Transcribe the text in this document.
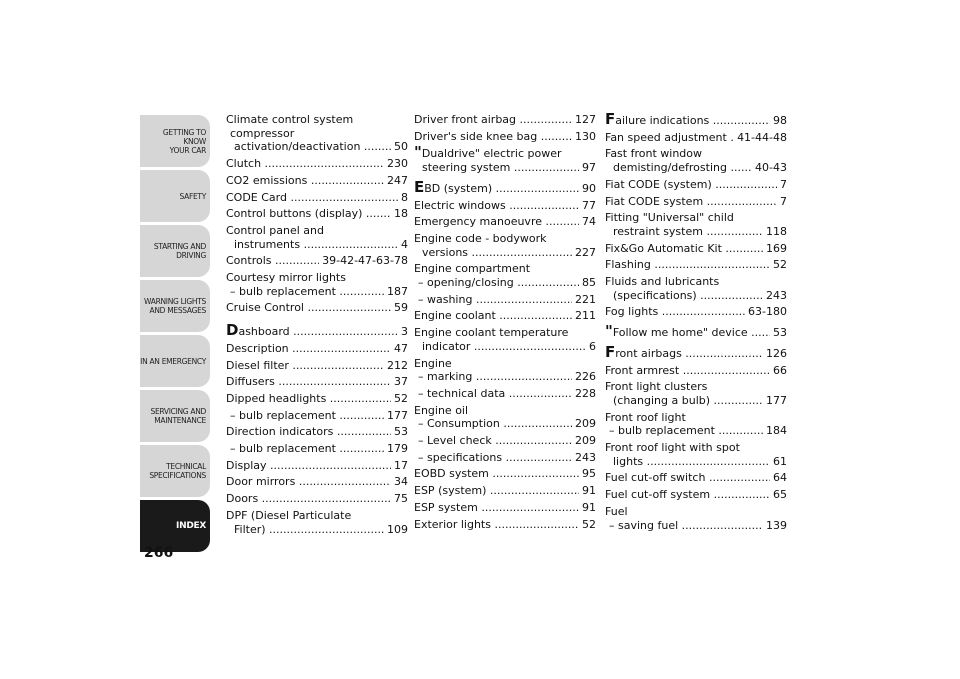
GETTING TO KNOW
YOUR CAR
SAFETY
STARTING AND
DRIVING
WARNING LIGHTS
AND MESSAGES
IN AN EMERGENCY
SERVICING AND
MAINTENANCE
TECHNICAL
SPECIFICATIONS
INDEX
266
Climate control system
compressor
activation/deactivation .....	50
Clutch .....	230
CO2 emissions .....	247
CODE Card .....	8
Control buttons (display) .....	18
Control panel and
instruments .....	4
Controls .....	39-42-47-63-78
Courtesy mirror lights
– bulb replacement .....	187
Cruise Control .....	59
Dashboard .....	3
Description .....	47
Diesel filter .....	212
Diffusers .....	37
Dipped headlights .....	52
– bulb replacement .....	177
Direction indicators .....	53
– bulb replacement .....	179
Display .....	17
Door mirrors .....	34
Doors .....	75
DPF (Diesel Particulate
Filter) .....	109
Driver front airbag .....	127
Driver's side knee bag .....	130
"Dualdrive" electric power
steering system .....	97
EBD (system) .....	90
Electric windows .....	77
Emergency manoeuvre .....	74
Engine code - bodywork
versions .....	227
Engine compartment
– opening/closing .....	85
– washing .....	221
Engine coolant .....	211
Engine coolant temperature
indicator .....	6
Engine
– marking .....	226
– technical data .....	228
Engine oil
– Consumption .....	209
– Level check .....	209
– specifications .....	243
EOBD system .....	95
ESP (system) .....	91
ESP system .....	91
Exterior lights .....	52
Failure indications .....	98
Fan speed adjustment ..... 41-44-48
Fast front window
demisting/defrosting .....	40-43
Fiat CODE (system) .....	7
Fiat CODE system .....	7
Fitting "Universal" child
restraint system .....	118
Fix&Go Automatic Kit .....	169
Flashing .....	52
Fluids and lubricants
(specifications) .....	243
Fog lights .....	63-180
"Follow me home" device .....	53
Front airbags .....	126
Front armrest .....	66
Front light clusters
(changing a bulb) .....	177
Front roof light
– bulb replacement .....	184
Front roof light with spot
lights .....	61
Fuel cut-off switch .....	64
Fuel cut-off system .....	65
Fuel
– saving fuel .....	139
